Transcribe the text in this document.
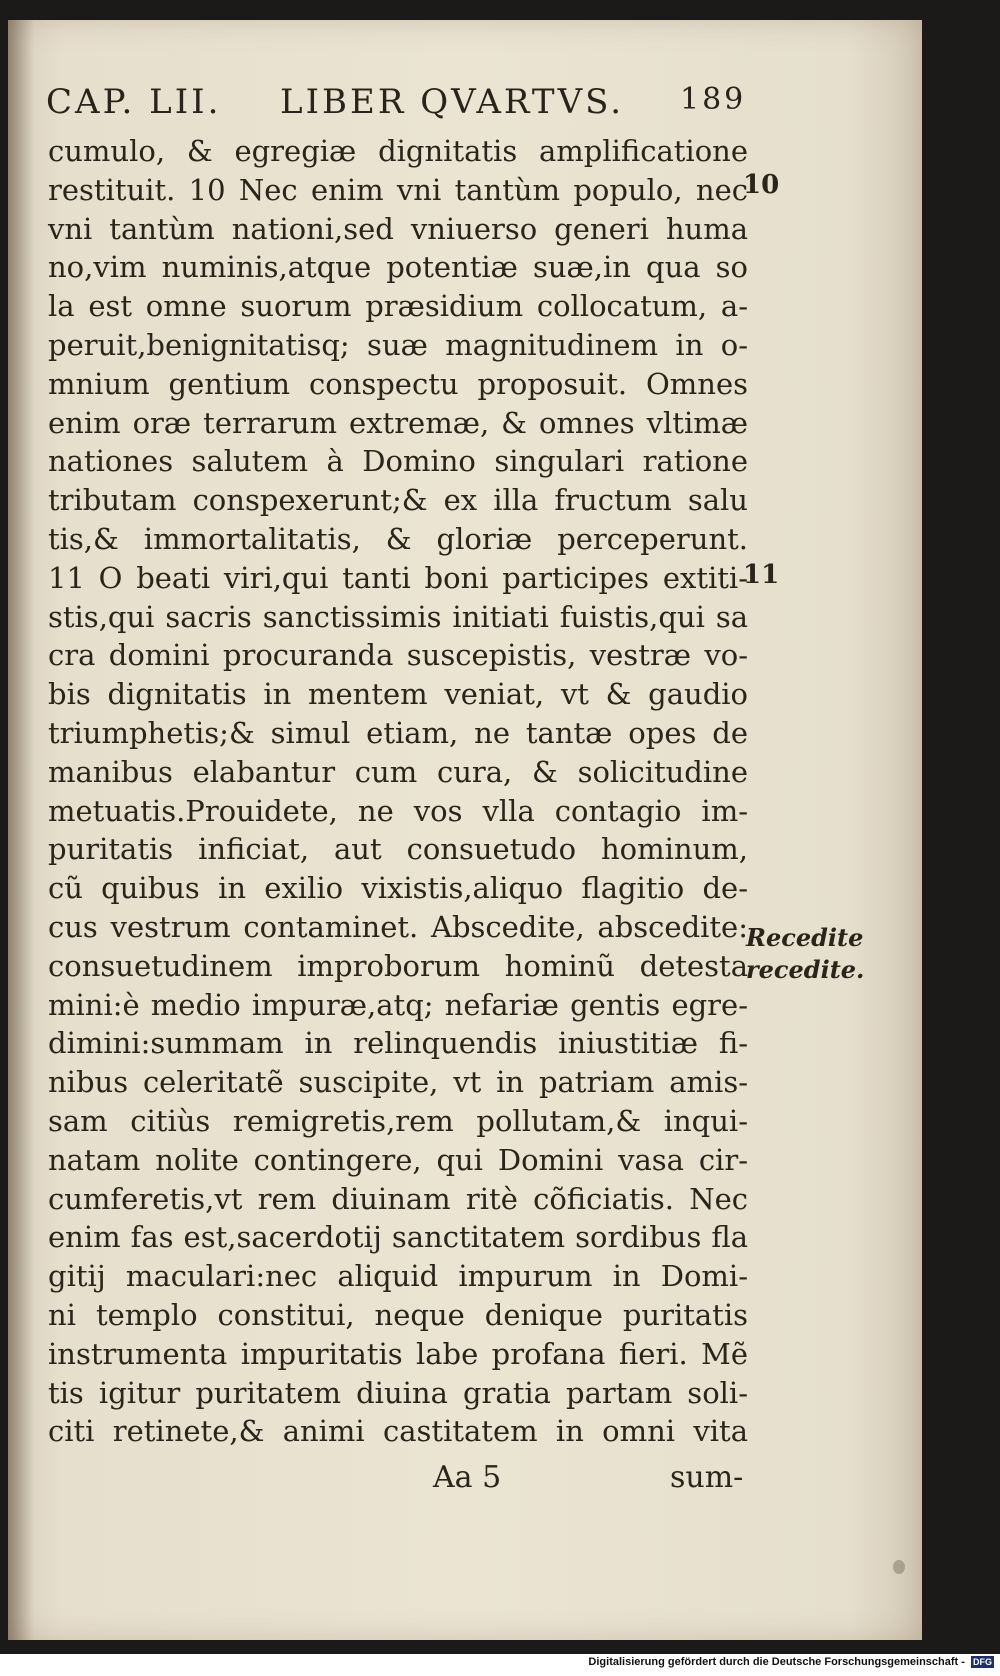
CAP. LII. LIBER QVARTVS. 189
cumulo, & egregiæ dignitatis amplificatione
restituit. 10 Nec enim vni tantùm populo, nec
vni tantùm nationi,sed vniuerso generi huma
no,vim numinis,atque potentiæ suæ,in qua so
la est omne suorum præsidium collocatum, a-
peruit,benignitatisq; suæ magnitudinem in o-
mnium gentium conspectu proposuit. Omnes
enim oræ terrarum extremæ, & omnes vltimæ
nationes salutem à Domino singulari ratione
tributam conspexerunt;& ex illa fructum salu
tis,& immortalitatis, & gloriæ perceperunt.
11 O beati viri,qui tanti boni participes extiti-
stis,qui sacris sanctissimis initiati fuistis,qui sa
cra domini procuranda suscepistis, vestræ vo-
bis dignitatis in mentem veniat, vt & gaudio
triumphetis;& simul etiam, ne tantæ opes de
manibus elabantur cum cura, & solicitudine
metuatis.Prouidete, ne vos vlla contagio im-
puritatis inficiat, aut consuetudo hominum,
cũ quibus in exilio vixistis,aliquo flagitio de-
cus vestrum contaminet. Abscedite, abscedite:
consuetudinem improborum hominũ detesta
mini:è medio impuræ,atq; nefariæ gentis egre-
dimini:summam in relinquendis iniustitiæ fi-
nibus celeritatẽ suscipite, vt in patriam amis-
sam citiùs remigretis,rem pollutam,& inqui-
natam nolite contingere, qui Domini vasa cir-
cumferetis,vt rem diuinam ritè cõficiatis. Nec
enim fas est,sacerdotij sanctitatem sordibus fla
gitij maculari:nec aliquid impurum in Domi-
ni templo constitui, neque denique puritatis
instrumenta impuritatis labe profana fieri. Mẽ
tis igitur puritatem diuina gratia partam soli-
citi retinete,& animi castitatem in omni vita
10
11
Recedite
recedite.
Aa 5	sum-
Digitalisierung gefördert durch die Deutsche Forschungsgemeinschaft - DFG
